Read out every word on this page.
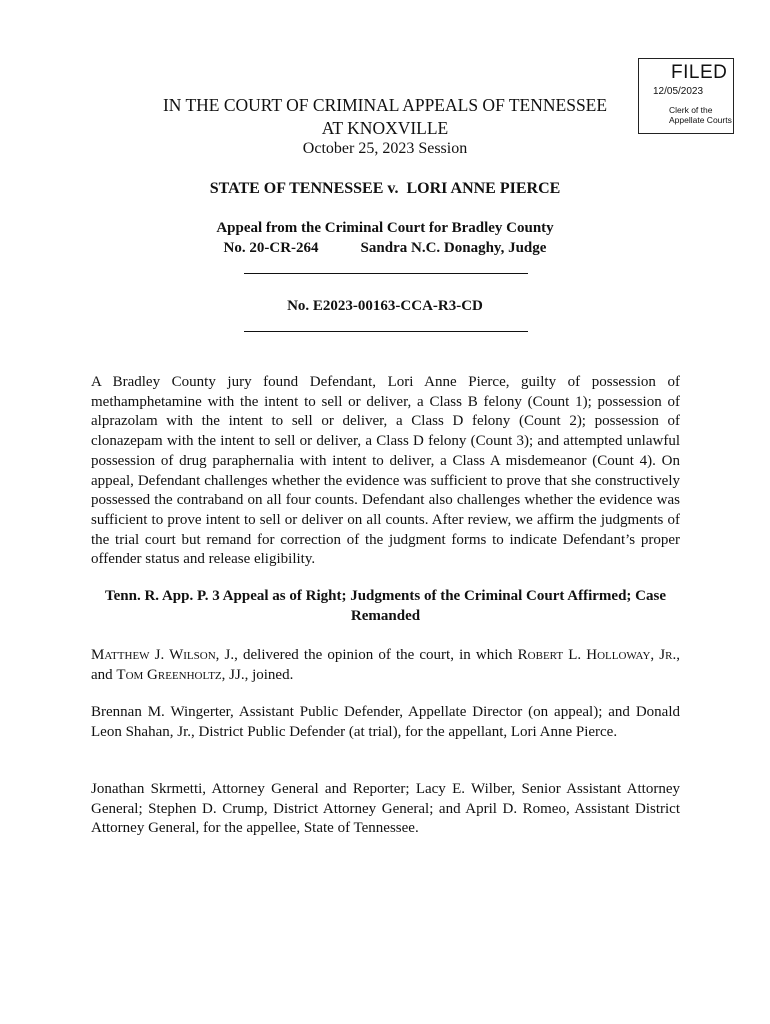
FILED
12/05/2023
Clerk of the
Appellate Courts
IN THE COURT OF CRIMINAL APPEALS OF TENNESSEE
AT KNOXVILLE
October 25, 2023 Session
STATE OF TENNESSEE v.  LORI ANNE PIERCE
Appeal from the Criminal Court for Bradley County
No. 20-CR-264	Sandra N.C. Donaghy, Judge
No. E2023-00163-CCA-R3-CD
A Bradley County jury found Defendant, Lori Anne Pierce, guilty of possession of methamphetamine with the intent to sell or deliver, a Class B felony (Count 1); possession of alprazolam with the intent to sell or deliver, a Class D felony (Count 2); possession of clonazepam with the intent to sell or deliver, a Class D felony (Count 3); and attempted unlawful possession of drug paraphernalia with intent to deliver, a Class A misdemeanor (Count 4). On appeal, Defendant challenges whether the evidence was sufficient to prove that she constructively possessed the contraband on all four counts. Defendant also challenges whether the evidence was sufficient to prove intent to sell or deliver on all counts. After review, we affirm the judgments of the trial court but remand for correction of the judgment forms to indicate Defendant’s proper offender status and release eligibility.
Tenn. R. App. P. 3 Appeal as of Right; Judgments of the Criminal Court Affirmed; Case Remanded
Matthew J. Wilson, J., delivered the opinion of the court, in which Robert L. Holloway, Jr., and Tom Greenholtz, JJ., joined.
Brennan M. Wingerter, Assistant Public Defender, Appellate Director (on appeal); and Donald Leon Shahan, Jr., District Public Defender (at trial), for the appellant, Lori Anne Pierce.
Jonathan Skrmetti, Attorney General and Reporter; Lacy E. Wilber, Senior Assistant Attorney General; Stephen D. Crump, District Attorney General; and April D. Romeo, Assistant District Attorney General, for the appellee, State of Tennessee.
